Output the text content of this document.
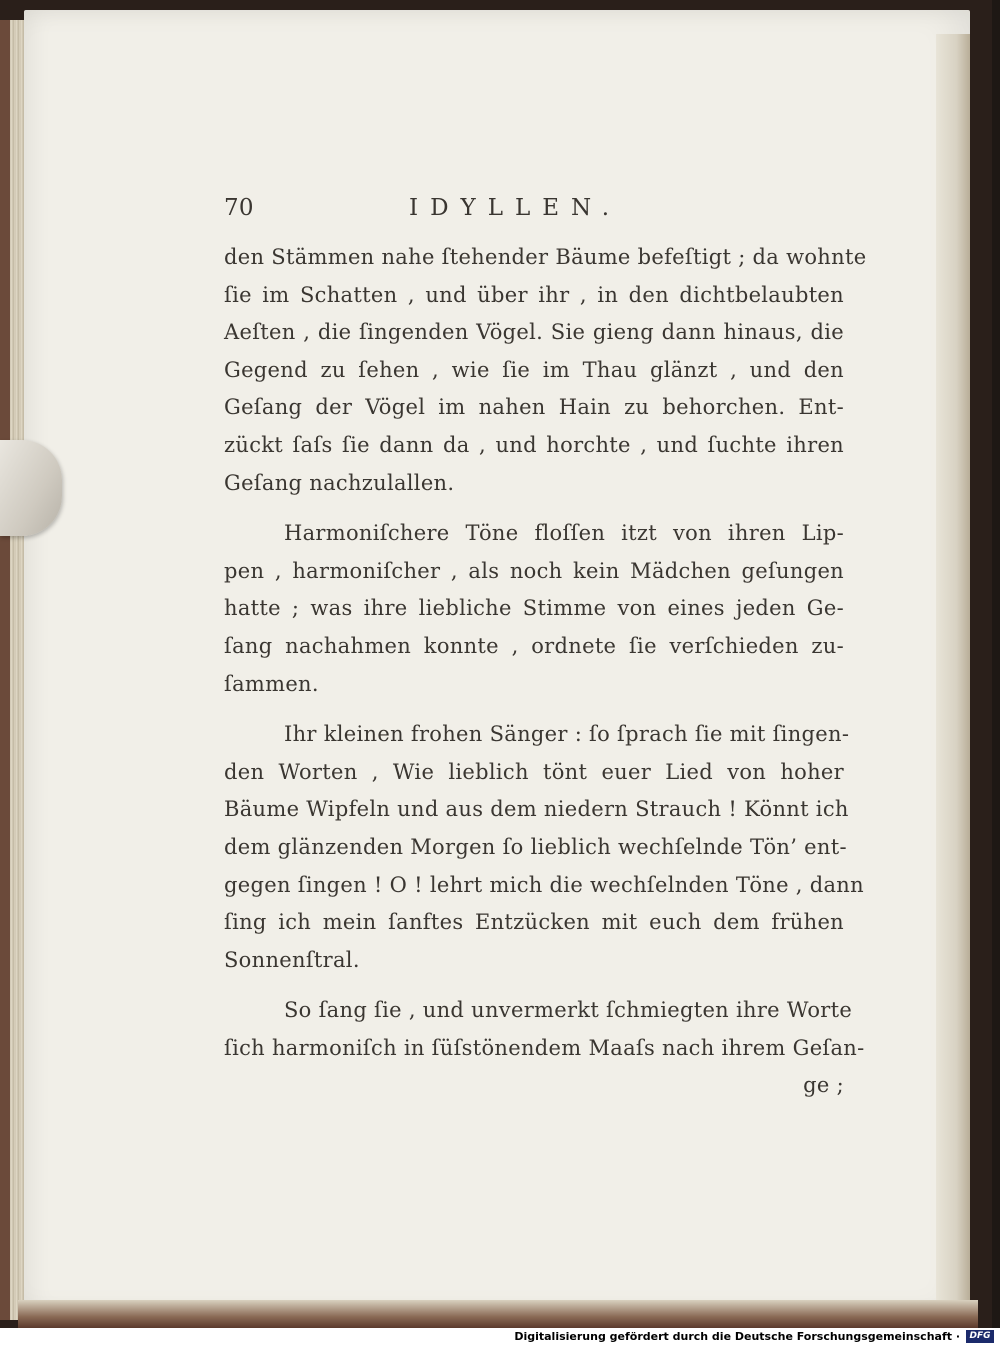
70	IDYLLEN.
den Stämmen nahe ſtehender Bäume befeſtigt ; da wohnte
ſie im Schatten , und über ihr , in den dichtbelaubten
Aeſten , die ſingenden Vögel. Sie gieng dann hinaus, die
Gegend zu ſehen , wie ſie im Thau glänzt , und den
Geſang der Vögel im nahen Hain zu behorchen. Ent-
zückt ſaſs ſie dann da , und horchte , und ſuchte ihren
Geſang nachzulallen.
Harmoniſchere Töne floſſen itzt von ihren Lip-
pen , harmoniſcher , als noch kein Mädchen geſungen
hatte ; was ihre liebliche Stimme von eines jeden Ge-
ſang nachahmen konnte , ordnete ſie verſchieden zu-
ſammen.
Ihr kleinen frohen Sänger : ſo ſprach ſie mit ſingen-
den Worten , Wie lieblich tönt euer Lied von hoher
Bäume Wipfeln und aus dem niedern Strauch ! Könnt ich
dem glänzenden Morgen ſo lieblich wechſelnde Tön’ ent-
gegen ſingen ! O ! lehrt mich die wechſelnden Töne , dann
ſing ich mein ſanftes Entzücken mit euch dem frühen
Sonnenſtral.
So ſang ſie , und unvermerkt ſchmiegten ihre Worte
ſich harmoniſch in ſüſstönendem Maaſs nach ihrem Geſan-
ge ;
Digitalisierung gefördert durch die Deutsche Forschungsgemeinschaft ·	DFG
